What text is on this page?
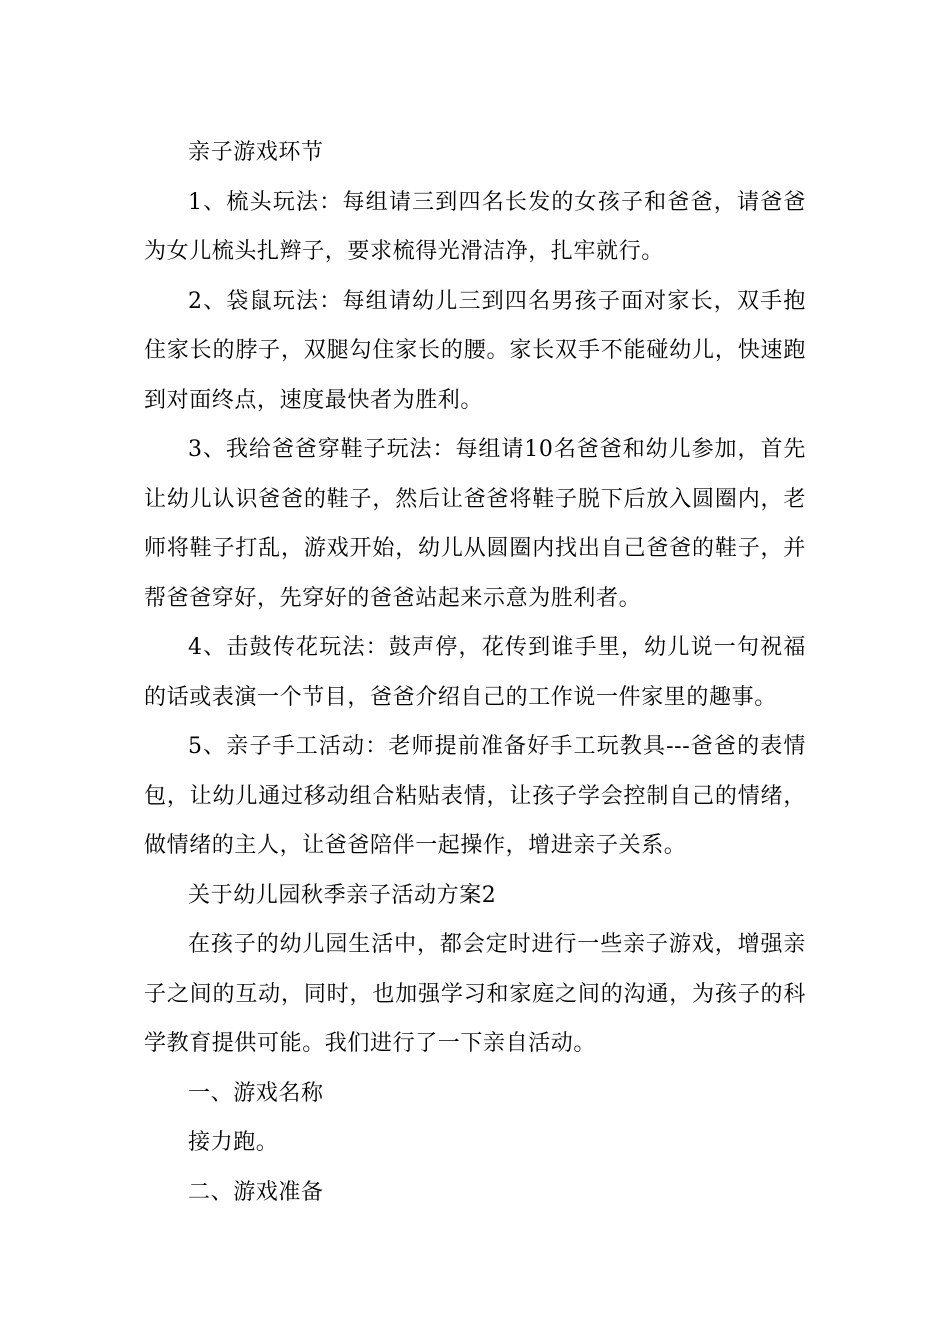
亲子游戏环节

1、梳头玩法：每组请三到四名长发的女孩子和爸爸，请爸爸为女儿梳头扎辫子，要求梳得光滑洁净，扎牢就行。

2、袋鼠玩法：每组请幼儿三到四名男孩子面对家长，双手抱住家长的脖子，双腿勾住家长的腰。家长双手不能碰幼儿，快速跑到对面终点，速度最快者为胜利。

3、我给爸爸穿鞋子玩法：每组请10名爸爸和幼儿参加，首先让幼儿认识爸爸的鞋子，然后让爸爸将鞋子脱下后放入圆圈内，老师将鞋子打乱，游戏开始，幼儿从圆圈内找出自己爸爸的鞋子，并帮爸爸穿好，先穿好的爸爸站起来示意为胜利者。

4、击鼓传花玩法：鼓声停，花传到谁手里，幼儿说一句祝福的话或表演一个节目，爸爸介绍自己的工作说一件家里的趣事。

5、亲子手工活动：老师提前准备好手工玩教具---爸爸的表情包，让幼儿通过移动组合粘贴表情，让孩子学会控制自己的情绪，做情绪的主人，让爸爸陪伴一起操作，增进亲子关系。

关于幼儿园秋季亲子活动方案2

在孩子的幼儿园生活中，都会定时进行一些亲子游戏，增强亲子之间的互动，同时，也加强学习和家庭之间的沟通，为孩子的科学教育提供可能。我们进行了一下亲自活动。

一、游戏名称

接力跑。

二、游戏准备
